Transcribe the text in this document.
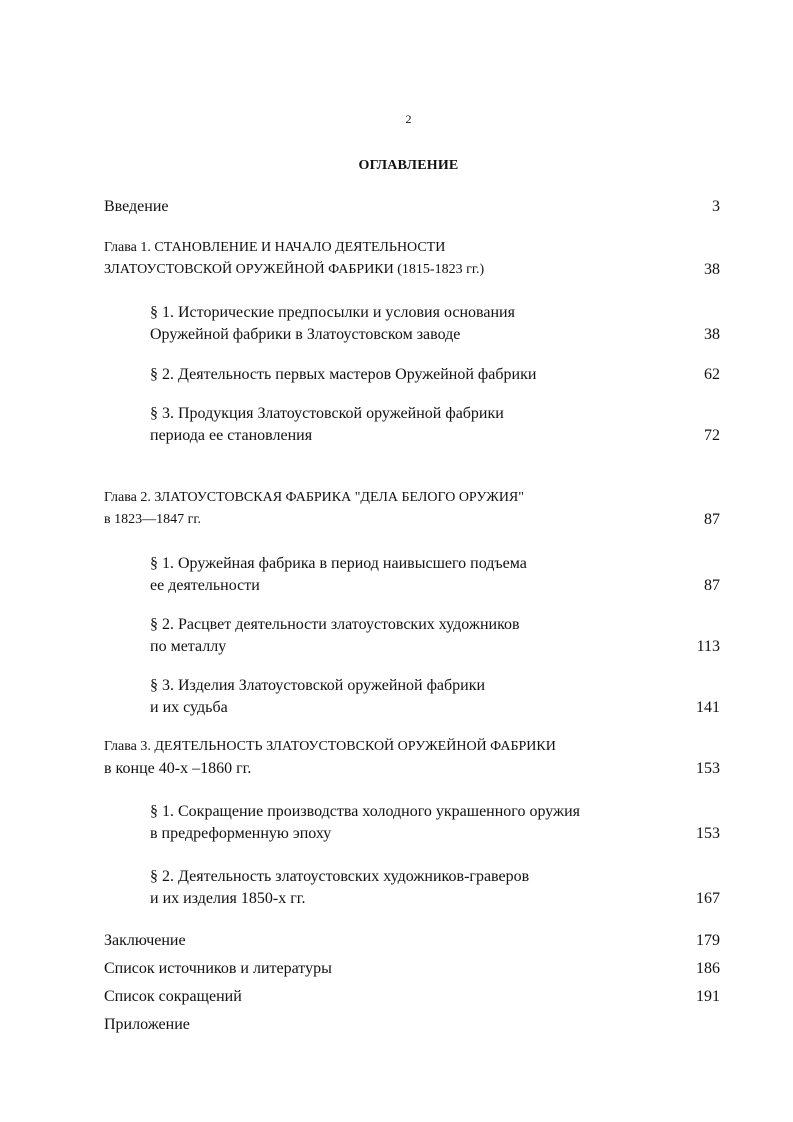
2
ОГЛАВЛЕНИЕ
Введение	3
Глава 1. СТАНОВЛЕНИЕ И НАЧАЛО ДЕЯТЕЛЬНОСТИ
ЗЛАТОУСТОВСКОЙ ОРУЖЕЙНОЙ ФАБРИКИ (1815-1823 гг.)	38
§ 1. Исторические предпосылки и условия основания
Оружейной фабрики в Златоустовском заводе	38
§ 2. Деятельность первых мастеров Оружейной фабрики	62
§ 3. Продукция Златоустовской оружейной фабрики
периода ее становления	72
Глава 2. ЗЛАТОУСТОВСКАЯ ФАБРИКА "ДЕЛА БЕЛОГО ОРУЖИЯ"
в 1823—1847 гг.	87
§ 1. Оружейная фабрика в период наивысшего подъема
ее деятельности	87
§ 2. Расцвет деятельности златоустовских художников
по металлу	113
§ 3. Изделия Златоустовской оружейной фабрики
и их судьба	141
Глава 3. ДЕЯТЕЛЬНОСТЬ ЗЛАТОУСТОВСКОЙ ОРУЖЕЙНОЙ ФАБРИКИ
в конце 40-х –1860 гг.	153
§ 1. Сокращение производства холодного украшенного оружия
в предреформенную эпоху	153
§ 2. Деятельность златоустовских художников-граверов
и их изделия 1850-х гг.	167
Заключение	179
Список источников и литературы	186
Список сокращений	191
Приложение
